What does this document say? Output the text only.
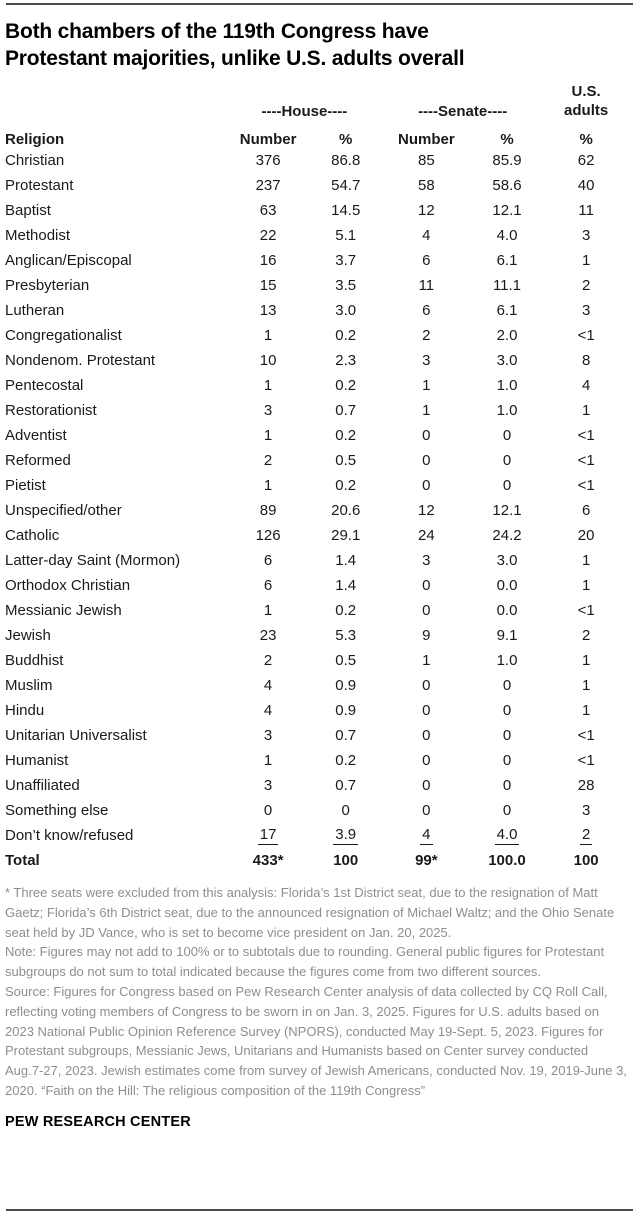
Both chambers of the 119th Congress have
Protestant majorities, unlike U.S. adults overall
	----House----		----Senate----		U.S.
adults
Religion	Number	%	Number	%	%
Christian	376	86.8	85	85.9	62
Protestant	237	54.7	58	58.6	40
Baptist	63	14.5	12	12.1	11
Methodist	22	5.1	4	4.0	3
Anglican/Episcopal	16	3.7	6	6.1	1
Presbyterian	15	3.5	11	11.1	2
Lutheran	13	3.0	6	6.1	3
Congregationalist	1	0.2	2	2.0	<1
Nondenom. Protestant	10	2.3	3	3.0	8
Pentecostal	1	0.2	1	1.0	4
Restorationist	3	0.7	1	1.0	1
Adventist	1	0.2	0	0	<1
Reformed	2	0.5	0	0	<1
Pietist	1	0.2	0	0	<1
Unspecified/other	89	20.6	12	12.1	6
Catholic	126	29.1	24	24.2	20
Latter-day Saint (Mormon)	6	1.4	3	3.0	1
Orthodox Christian	6	1.4	0	0.0	1
Messianic Jewish	1	0.2	0	0.0	<1
Jewish	23	5.3	9	9.1	2
Buddhist	2	0.5	1	1.0	1
Muslim	4	0.9	0	0	1
Hindu	4	0.9	0	0	1
Unitarian Universalist	3	0.7	0	0	<1
Humanist	1	0.2	0	0	<1
Unaffiliated	3	0.7	0	0	28
Something else	0	0	0	0	3
Don’t know/refused	17	3.9	4	4.0	2
Total	433*	100	99*	100.0	100

* Three seats were excluded from this analysis: Florida’s 1st District seat, due to the resignation of Matt Gaetz; Florida’s 6th District seat, due to the announced resignation of Michael Waltz; and the Ohio Senate seat held by JD Vance, who is set to become vice president on Jan. 20, 2025.

Note: Figures may not add to 100% or to subtotals due to rounding. General public figures for Protestant subgroups do not sum to total indicated because the figures come from two different sources.

Source: Figures for Congress based on Pew Research Center analysis of data collected by CQ Roll Call, reflecting voting members of Congress to be sworn in on Jan. 3, 2025. Figures for U.S. adults based on 2023 National Public Opinion Reference Survey (NPORS), conducted May 19-Sept. 5, 2023. Figures for Protestant subgroups, Messianic Jews, Unitarians and Humanists based on Center survey conducted Aug.7-27, 2023. Jewish estimates come from survey of Jewish Americans, conducted Nov. 19, 2019-June 3, 2020. “Faith on the Hill: The religious composition of the 119th Congress”

PEW RESEARCH CENTER
